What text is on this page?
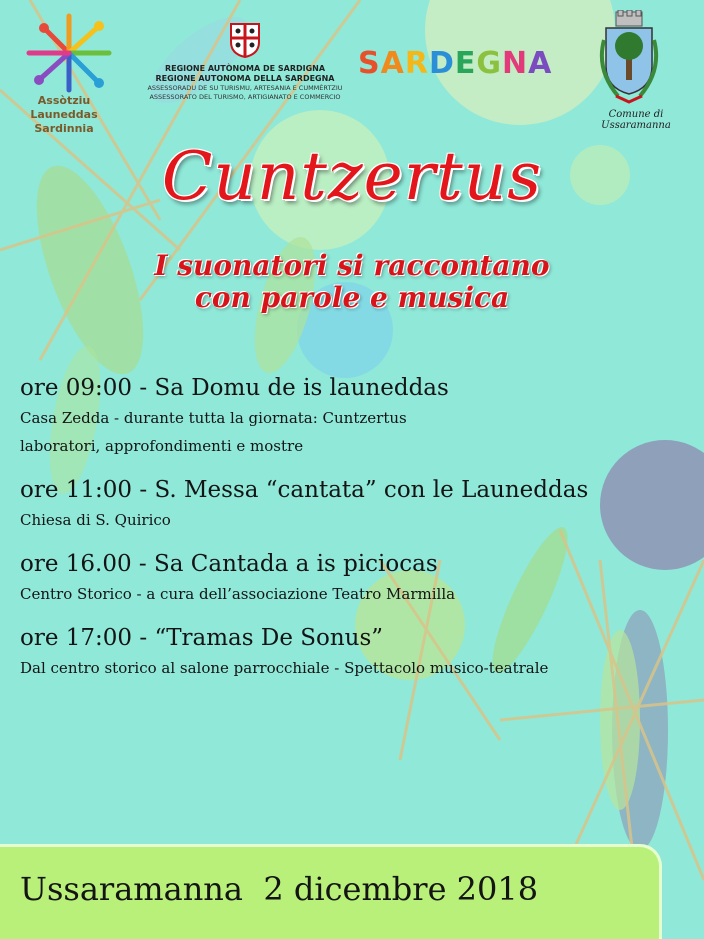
Assòtziu Launeddas
Sardinnia
REGIONE AUTÒNOMA DE SARDIGNA
REGIONE AUTONOMA DELLA SARDEGNA
ASSESSORADU DE SU TURISMU, ARTESANIA E CUMMÈRTZIU
ASSESSORATO DEL TURISMO, ARTIGIANATO E COMMERCIO
SARDEGNA
Comune di Ussaramanna
Cuntzertus
I suonatori si raccontano
con parole e musica
ore 09:00 - Sa Domu de is launeddas
Casa Zedda - durante tutta la giornata: Cuntzertus
laboratori, approfondimenti e mostre
ore 11:00 - S. Messa “cantata” con le Launeddas
Chiesa di S. Quirico
ore 16.00 - Sa Cantada a is piciocas
Centro Storico - a cura dell’associazione Teatro Marmilla
ore 17:00 - “Tramas De Sonus”
Dal centro storico al salone parrocchiale - Spettacolo musico-teatrale
Ussaramanna 2 dicembre 2018
